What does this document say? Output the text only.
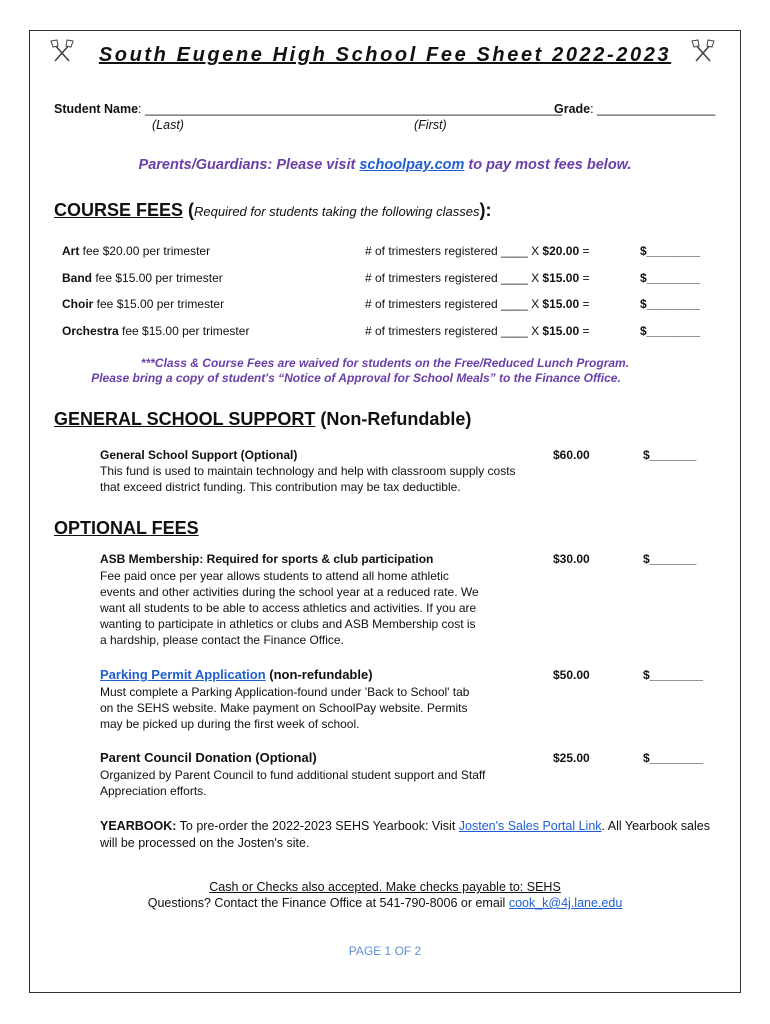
South Eugene High School Fee Sheet 2022-2023
Student Name: ____________________________________________________________
Grade: _________________
(Last)	(First)
Parents/Guardians: Please visit schoolpay.com to pay most fees below.
COURSE FEES (Required for students taking the following classes):
Art fee $20.00 per trimester	# of trimesters registered ____ X $20.00 =	$________
Band fee $15.00 per trimester	# of trimesters registered ____ X $15.00 =	$________
Choir fee $15.00 per trimester	# of trimesters registered ____ X $15.00 =	$________
Orchestra fee $15.00 per trimester	# of trimesters registered ____ X $15.00 =	$________
***Class & Course Fees are waived for students on the Free/Reduced Lunch Program.
Please bring a copy of student's “Notice of Approval for School Meals” to the Finance Office.
GENERAL SCHOOL SUPPORT (Non-Refundable)
General School Support (Optional)
This fund is used to maintain technology and help with classroom supply costs that exceed district funding. This contribution may be tax deductible.
$60.00	$_______
OPTIONAL FEES
ASB Membership: Required for sports & club participation
Fee paid once per year allows students to attend all home athletic events and other activities during the school year at a reduced rate. We want all students to be able to access athletics and activities. If you are wanting to participate in athletics or clubs and ASB Membership cost is a hardship, please contact the Finance Office.
$30.00	$_______
Parking Permit Application (non-refundable)
Must complete a Parking Application-found under 'Back to School' tab on the SEHS website. Make payment on SchoolPay website. Permits may be picked up during the first week of school.
$50.00	$________
Parent Council Donation (Optional)
Organized by Parent Council to fund additional student support and Staff Appreciation efforts.
$25.00	$________
YEARBOOK: To pre-order the 2022-2023 SEHS Yearbook: Visit Josten's Sales Portal Link. All Yearbook sales will be processed on the Josten's site.
Cash or Checks also accepted. Make checks payable to: SEHS
Questions? Contact the Finance Office at 541-790-8006 or email cook_k@4j.lane.edu
PAGE 1 OF 2
